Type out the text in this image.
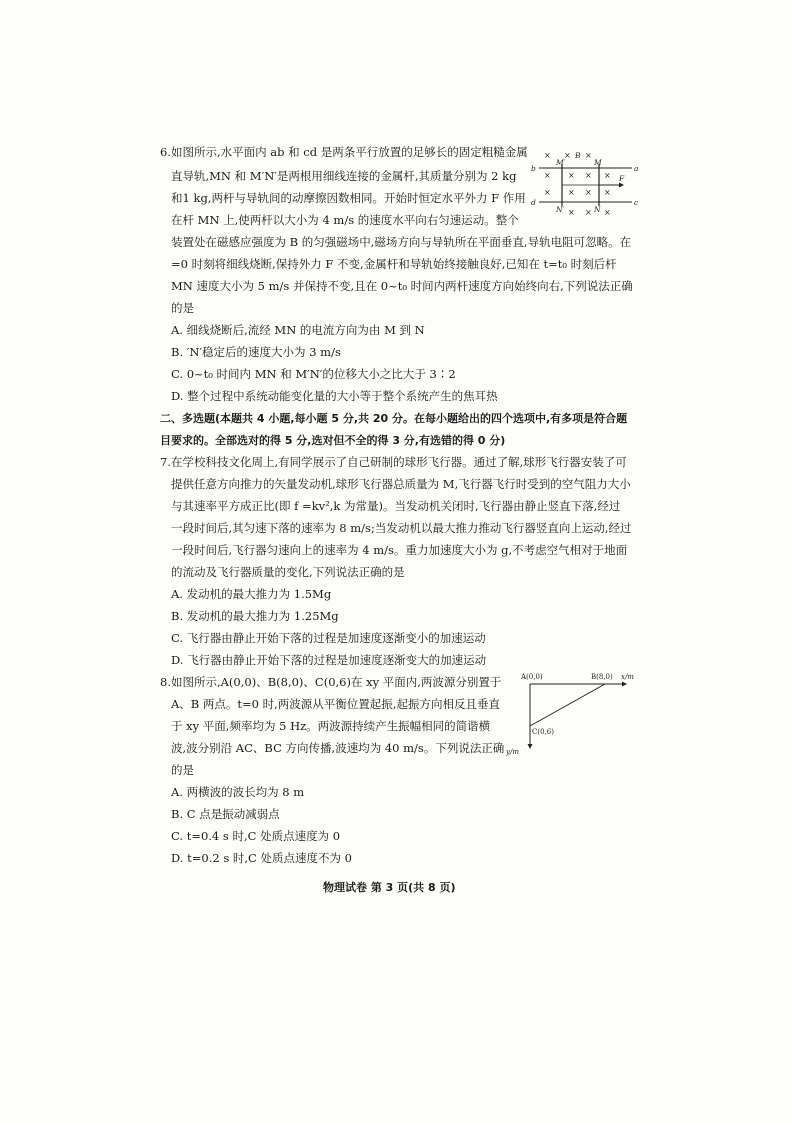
6.如图所示,水平面内 ab 和 cd 是两条平行放置的足够长的固定粗糙金属
直导轨,MN 和 M′N′是两根用细线连接的金属杆,其质量分别为 2 kg
和1 kg,两杆与导轨间的动摩擦因数相同。开始时恒定水平外力 F 作用
在杆 MN 上,使两杆以大小为 4 m/s 的速度水平向右匀速运动。整个
装置处在磁感应强度为 B 的匀强磁场中,磁场方向与导轨所在平面垂直,导轨电阻可忽略。在
=0 时刻将细线烧断,保持外力 F 不变,金属杆和导轨始终接触良好,已知在 t=t₀ 时刻后杆
MN 速度大小为 5 m/s 并保持不变,且在 0~t₀ 时间内两杆速度方向始终向右,下列说法正确
的是
A. 细线烧断后,流经 MN 的电流方向为由 M 到 N
B. ′N′稳定后的速度大小为 3 m/s
C. 0~t₀ 时间内 MN 和 M′N′的位移大小之比大于 3∶2
D. 整个过程中系统动能变化量的大小等于整个系统产生的焦耳热
× × ×
× × × ×
× × × ×
× × ×
B
M′	M
N′	N
F
b	a
d	c
二、多选题(本题共 4 小题,每小题 5 分,共 20 分。在每小题给出的四个选项中,有多项是符合题
目要求的。全部选对的得 5 分,选对但不全的得 3 分,有选错的得 0 分)
7.在学校科技文化周上,有同学展示了自己研制的球形飞行器。通过了解,球形飞行器安装了可
提供任意方向推力的矢量发动机,球形飞行器总质量为 M,飞行器飞行时受到的空气阻力大小
与其速率平方成正比(即 f =kv²,k 为常量)。当发动机关闭时,飞行器由静止竖直下落,经过
一段时间后,其匀速下落的速率为 8 m/s;当发动机以最大推力推动飞行器竖直向上运动,经过
一段时间后,飞行器匀速向上的速率为 4 m/s。重力加速度大小为 g,不考虑空气相对于地面
的流动及飞行器质量的变化,下列说法正确的是
A. 发动机的最大推力为 1.5Mg
B. 发动机的最大推力为 1.25Mg
C. 飞行器由静止开始下落的过程是加速度逐渐变小的加速运动
D. 飞行器由静止开始下落的过程是加速度逐渐变大的加速运动
8.如图所示,A(0,0)、B(8,0)、C(0,6)在 xy 平面内,两波源分别置于
A、B 两点。t=0 时,两波源从平衡位置起振,起振方向相反且垂直
于 xy 平面,频率均为 5 Hz。两波源持续产生振幅相同的简谐横
波,波分别沿 AC、BC 方向传播,波速均为 40 m/s。下列说法正确
的是
A. 两横波的波长均为 8 m
B. C 点是振动减弱点
C. t=0.4 s 时,C 处质点速度为 0
D. t=0.2 s 时,C 处质点速度不为 0
A(0,0)	B(8,0) x/m
C(0,6)
y/m
物理试卷 第 3 页(共 8 页)
